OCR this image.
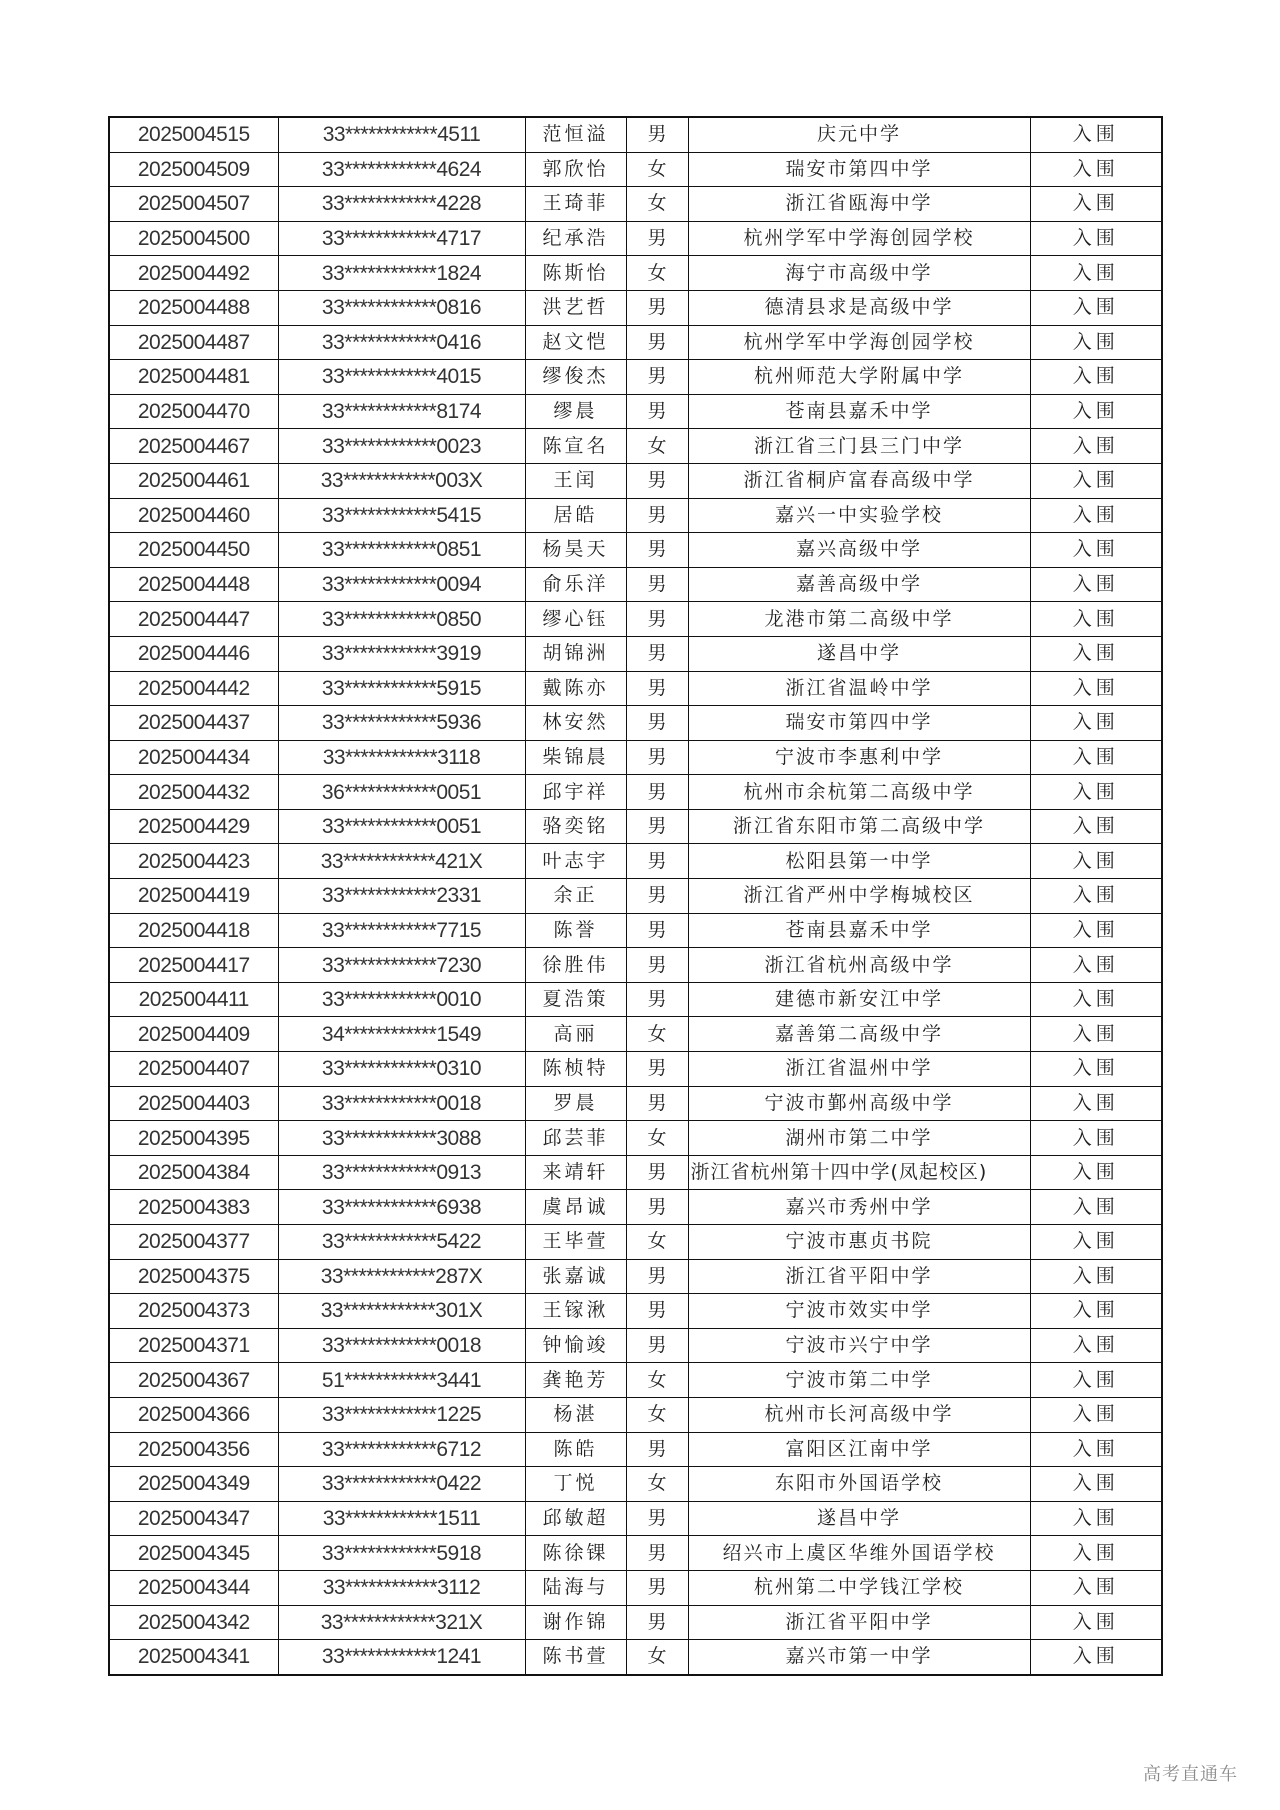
2025004515	33************4511	范恒溢	男	庆元中学	入围
2025004509	33************4624	郭欣怡	女	瑞安市第四中学	入围
2025004507	33************4228	王琦菲	女	浙江省瓯海中学	入围
2025004500	33************4717	纪承浩	男	杭州学军中学海创园学校	入围
2025004492	33************1824	陈斯怡	女	海宁市高级中学	入围
2025004488	33************0816	洪艺哲	男	德清县求是高级中学	入围
2025004487	33************0416	赵文恺	男	杭州学军中学海创园学校	入围
2025004481	33************4015	缪俊杰	男	杭州师范大学附属中学	入围
2025004470	33************8174	缪晨	男	苍南县嘉禾中学	入围
2025004467	33************0023	陈宣名	女	浙江省三门县三门中学	入围
2025004461	33************003X	王闰	男	浙江省桐庐富春高级中学	入围
2025004460	33************5415	居皓	男	嘉兴一中实验学校	入围
2025004450	33************0851	杨昊天	男	嘉兴高级中学	入围
2025004448	33************0094	俞乐洋	男	嘉善高级中学	入围
2025004447	33************0850	缪心钰	男	龙港市第二高级中学	入围
2025004446	33************3919	胡锦洲	男	遂昌中学	入围
2025004442	33************5915	戴陈亦	男	浙江省温岭中学	入围
2025004437	33************5936	林安然	男	瑞安市第四中学	入围
2025004434	33************3118	柴锦晨	男	宁波市李惠利中学	入围
2025004432	36************0051	邱宇祥	男	杭州市余杭第二高级中学	入围
2025004429	33************0051	骆奕铭	男	浙江省东阳市第二高级中学	入围
2025004423	33************421X	叶志宇	男	松阳县第一中学	入围
2025004419	33************2331	余正	男	浙江省严州中学梅城校区	入围
2025004418	33************7715	陈誉	男	苍南县嘉禾中学	入围
2025004417	33************7230	徐胜伟	男	浙江省杭州高级中学	入围
2025004411	33************0010	夏浩策	男	建德市新安江中学	入围
2025004409	34************1549	高丽	女	嘉善第二高级中学	入围
2025004407	33************0310	陈桢特	男	浙江省温州中学	入围
2025004403	33************0018	罗晨	男	宁波市鄞州高级中学	入围
2025004395	33************3088	邱芸菲	女	湖州市第二中学	入围
2025004384	33************0913	来靖轩	男	浙江省杭州第十四中学(凤起校区)	入围
2025004383	33************6938	虞昂诚	男	嘉兴市秀州中学	入围
2025004377	33************5422	王毕萱	女	宁波市惠贞书院	入围
2025004375	33************287X	张嘉诚	男	浙江省平阳中学	入围
2025004373	33************301X	王镓湫	男	宁波市效实中学	入围
2025004371	33************0018	钟愉竣	男	宁波市兴宁中学	入围
2025004367	51************3441	龚艳芳	女	宁波市第二中学	入围
2025004366	33************1225	杨湛	女	杭州市长河高级中学	入围
2025004356	33************6712	陈皓	男	富阳区江南中学	入围
2025004349	33************0422	丁悦	女	东阳市外国语学校	入围
2025004347	33************1511	邱敏超	男	遂昌中学	入围
2025004345	33************5918	陈徐锞	男	绍兴市上虞区华维外国语学校	入围
2025004344	33************3112	陆海与	男	杭州第二中学钱江学校	入围
2025004342	33************321X	谢作锦	男	浙江省平阳中学	入围
2025004341	33************1241	陈书萱	女	嘉兴市第一中学	入围
高考直通车
